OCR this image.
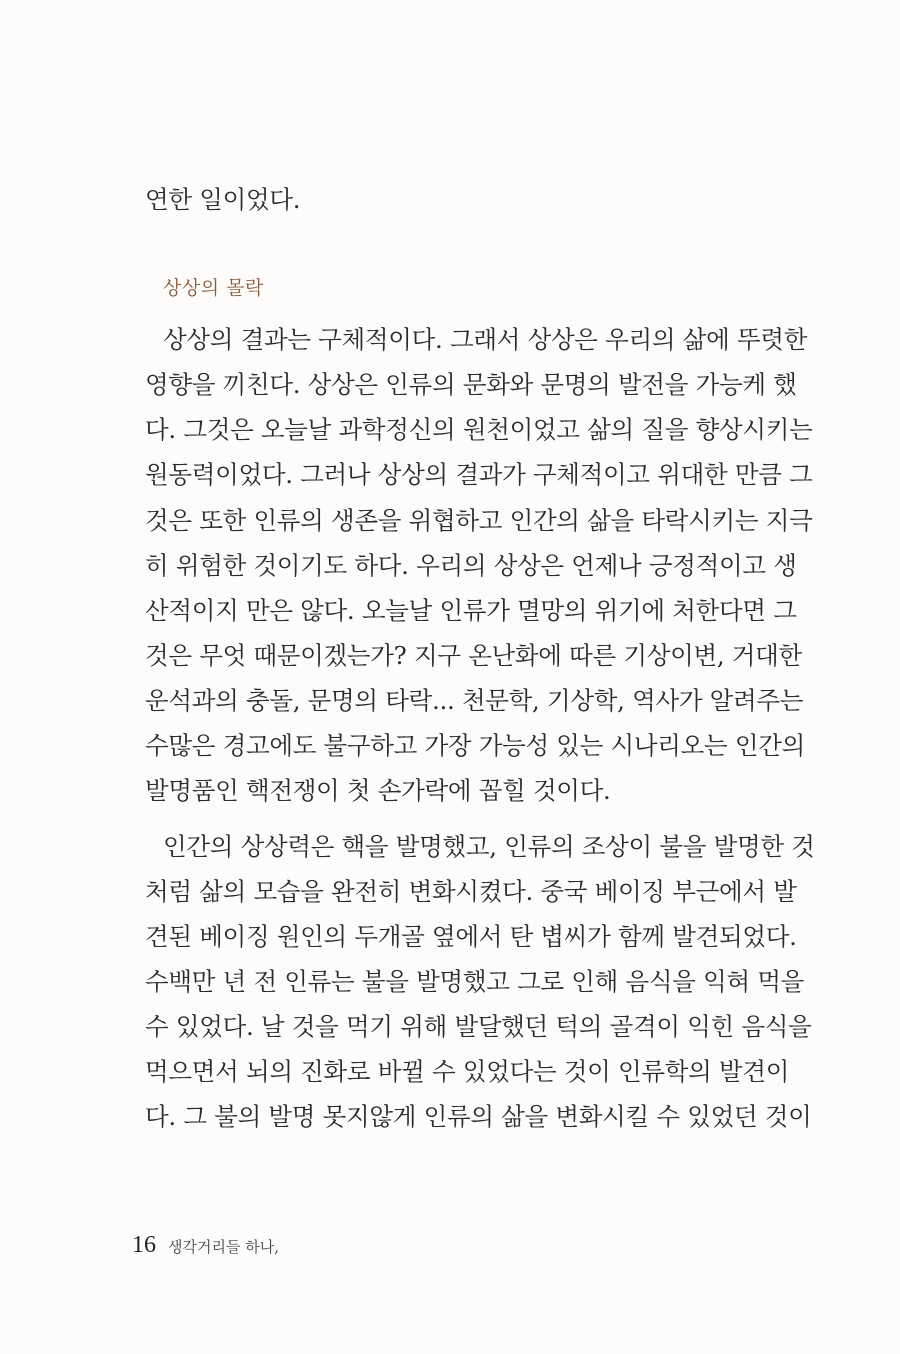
연한 일이었다.
상상의 몰락
상상의 결과는 구체적이다. 그래서 상상은 우리의 삶에 뚜렷한
영향을 끼친다. 상상은 인류의 문화와 문명의 발전을 가능케 했
다. 그것은 오늘날 과학정신의 원천이었고 삶의 질을 향상시키는
원동력이었다. 그러나 상상의 결과가 구체적이고 위대한 만큼 그
것은 또한 인류의 생존을 위협하고 인간의 삶을 타락시키는 지극
히 위험한 것이기도 하다. 우리의 상상은 언제나 긍정적이고 생
산적이지 만은 않다. 오늘날 인류가 멸망의 위기에 처한다면 그
것은 무엇 때문이겠는가? 지구 온난화에 따른 기상이변, 거대한
운석과의 충돌, 문명의 타락... 천문학, 기상학, 역사가 알려주는
수많은 경고에도 불구하고 가장 가능성 있는 시나리오는 인간의
발명품인 핵전쟁이 첫 손가락에 꼽힐 것이다.
인간의 상상력은 핵을 발명했고, 인류의 조상이 불을 발명한 것
처럼 삶의 모습을 완전히 변화시켰다. 중국 베이징 부근에서 발
견된 베이징 원인의 두개골 옆에서 탄 볍씨가 함께 발견되었다.
수백만 년 전 인류는 불을 발명했고 그로 인해 음식을 익혀 먹을
수 있었다. 날 것을 먹기 위해 발달했던 턱의 골격이 익힌 음식을
먹으면서 뇌의 진화로 바뀔 수 있었다는 것이 인류학의 발견이
다. 그 불의 발명 못지않게 인류의 삶을 변화시킬 수 있었던 것이
16 생각거리들 하나,
